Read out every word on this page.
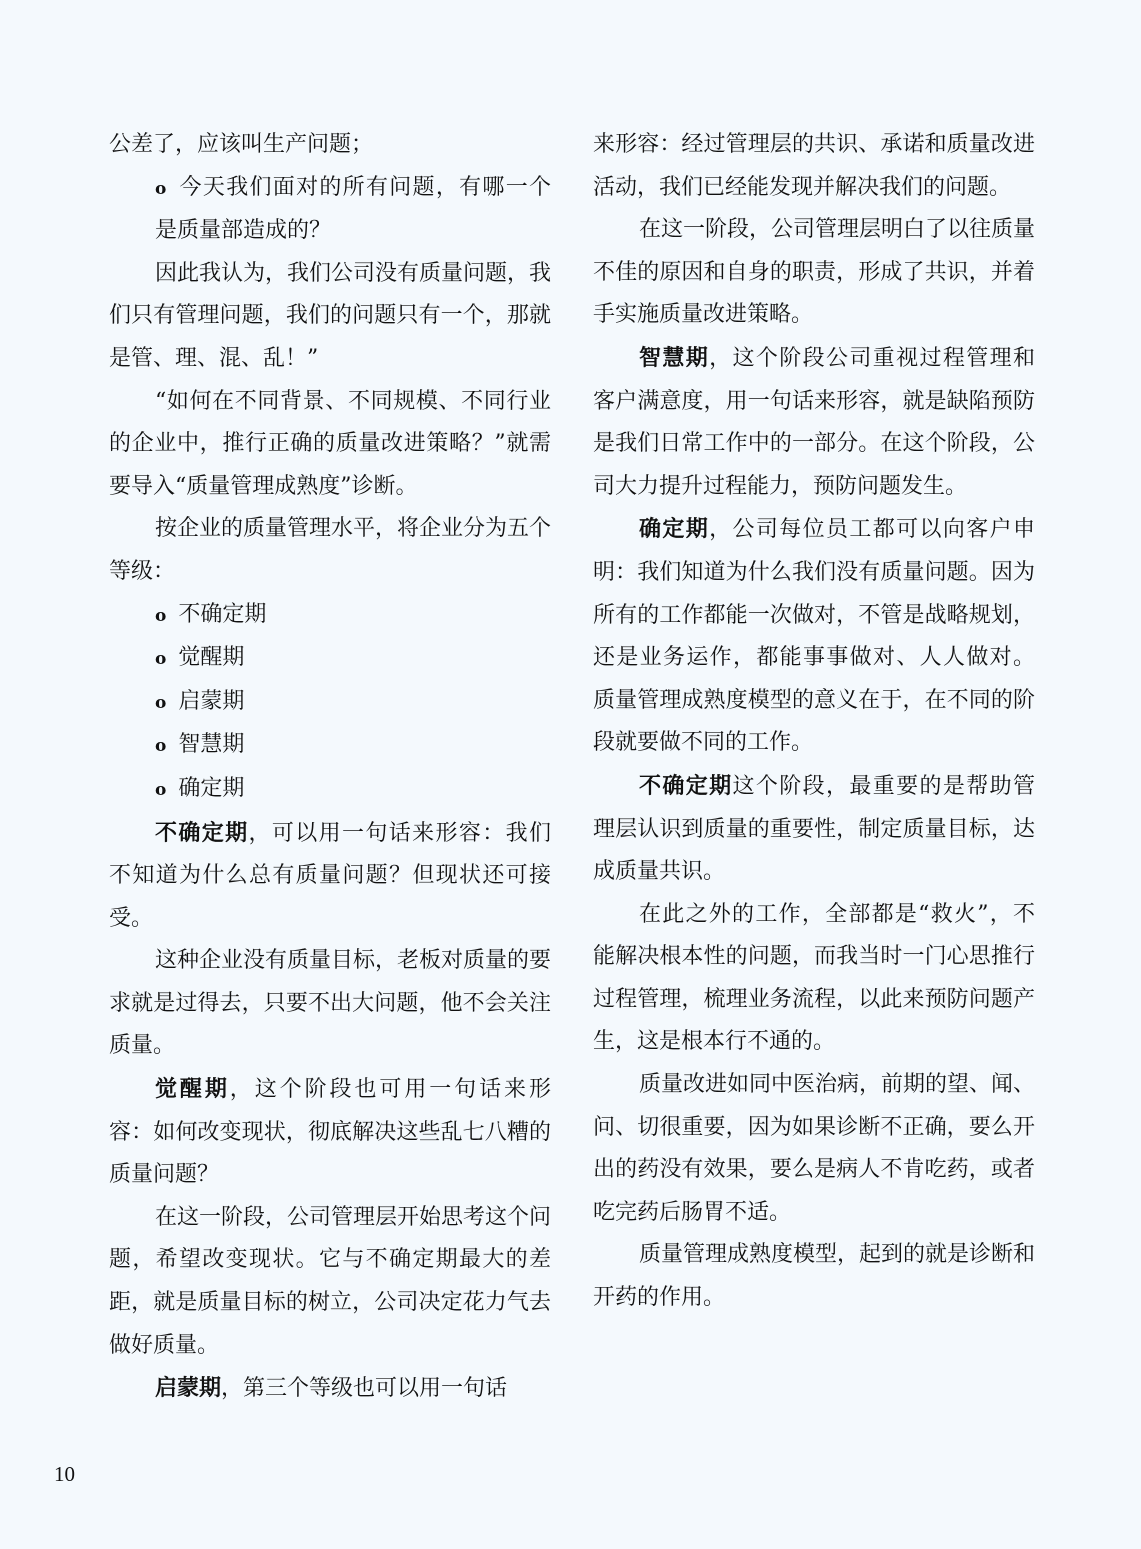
公差了，应该叫生产问题；

o 今天我们面对的所有问题，有哪一个是质量部造成的？

因此我认为，我们公司没有质量问题，我们只有管理问题，我们的问题只有一个，那就是管、理、混、乱！”

“如何在不同背景、不同规模、不同行业的企业中，推行正确的质量改进策略？”就需要导入“质量管理成熟度”诊断。

按企业的质量管理水平，将企业分为五个等级：

o 不确定期

o 觉醒期

o 启蒙期

o 智慧期

o 确定期

不确定期，可以用一句话来形容：我们不知道为什么总有质量问题？但现状还可接受。

这种企业没有质量目标，老板对质量的要求就是过得去，只要不出大问题，他不会关注质量。

觉醒期，这个阶段也可用一句话来形容：如何改变现状，彻底解决这些乱七八糟的质量问题？

在这一阶段，公司管理层开始思考这个问题，希望改变现状。它与不确定期最大的差距，就是质量目标的树立，公司决定花力气去做好质量。

启蒙期，第三个等级也可以用一句话

来形容：经过管理层的共识、承诺和质量改进活动，我们已经能发现并解决我们的问题。

在这一阶段，公司管理层明白了以往质量不佳的原因和自身的职责，形成了共识，并着手实施质量改进策略。

智慧期，这个阶段公司重视过程管理和客户满意度，用一句话来形容，就是缺陷预防是我们日常工作中的一部分。在这个阶段，公司大力提升过程能力，预防问题发生。

确定期，公司每位员工都可以向客户申明：我们知道为什么我们没有质量问题。因为所有的工作都能一次做对，不管是战略规划，还是业务运作，都能事事做对、人人做对。 质量管理成熟度模型的意义在于，在不同的阶段就要做不同的工作。

不确定期这个阶段，最重要的是帮助管理层认识到质量的重要性，制定质量目标，达成质量共识。

在此之外的工作，全部都是“救火”，不能解决根本性的问题，而我当时一门心思推行过程管理，梳理业务流程，以此来预防问题产生，这是根本行不通的。

质量改进如同中医治病，前期的望、闻、问、切很重要，因为如果诊断不正确，要么开出的药没有效果，要么是病人不肯吃药，或者吃完药后肠胃不适。

质量管理成熟度模型，起到的就是诊断和开药的作用。

10
